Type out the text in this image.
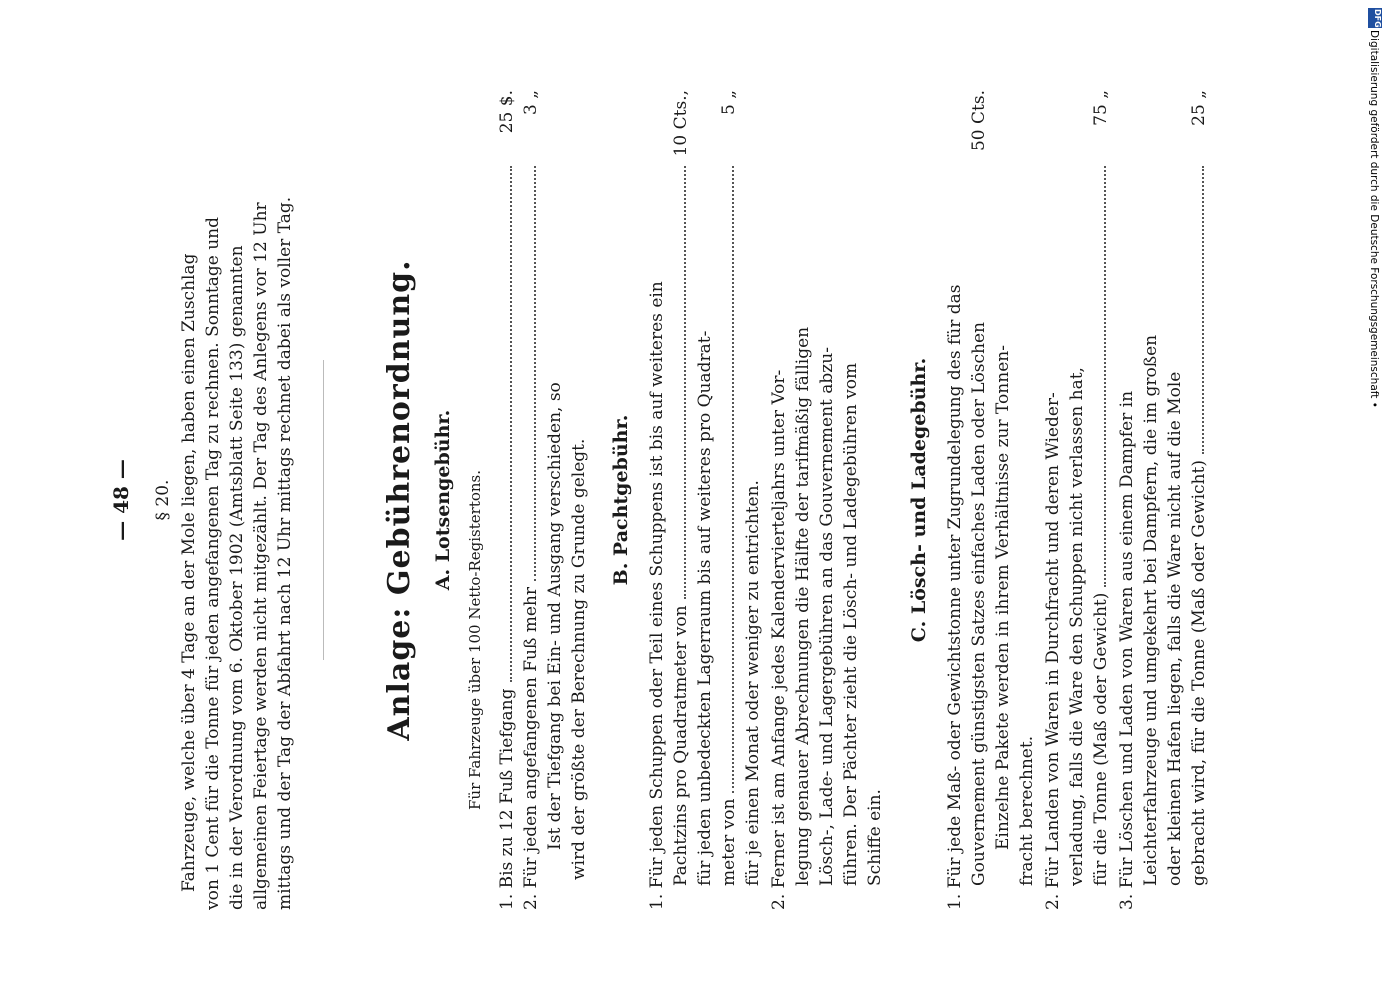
— 48 — § 20. Fahrzeuge, welche über 4 Tage an der Mole liegen, haben einen Zuschlag von 1 Cent für die Tonne für jeden angefangenen Tag zu rechnen. Sonntage und die in der Verordnung vom 6. Oktober 1902 (Amtsblatt Seite 133) genannten allgemeinen Feiertage werden nicht mitgezählt. Der Tag des Anlegens vor 12 Uhr mittags und der Tag der Abfahrt nach 12 Uhr mittags rechnet dabei als voller Tag.	Anlage: Gebührenordnung. A. Lotsengebühr. Für Fahrzeuge über 100 Netto-Registertons. 1. Bis zu 12 Fuß Tiefgang
25 $.
2. Für jeden angefangenen Fuß mehr
3 „
Ist der Tiefgang bei Ein- und Ausgang verschieden, so wird der größte der Berechnung zu Grunde gelegt. B. Pachtgebühr. 1. Für jeden Schuppen oder Teil eines Schuppens ist bis auf weiteres ein Pachtzins pro Quadratmeter von
10 Cts.,
für jeden unbedeckten Lagerraum bis auf weiteres pro Quadrat- meter von
5 „
für je einen Monat oder weniger zu entrichten. 2. Ferner ist am Anfange jedes Kalendervierteljahrs unter Vor- legung genauer Abrechnungen die Hälfte der tarifmäßig fälligen Lösch-, Lade- und Lagergebühren an das Gouvernement abzu- führen. Der Pächter zieht die Lösch- und Ladegebühren vom Schiffe ein.
C. Lösch- und Ladegebühr. 1. Für jede Maß- oder Gewichtstonne unter Zugrundelegung des für das Gouvernement günstigsten Satzes einfaches Laden oder Löschen
50 Cts.
Einzelne Pakete werden in ihrem Verhältnisse zur Tonnen- fracht berechnet. 2. Für Landen von Waren in Durchfracht und deren Wieder- verladung, falls die Ware den Schuppen nicht verlassen hat, für die Tonne (Maß oder Gewicht)
75 „
3. Für Löschen und Laden von Waren aus einem Dampfer in Leichterfahrzeuge und umgekehrt bei Dampfern, die im großen oder kleinen Hafen liegen, falls die Ware nicht auf die Mole gebracht wird, für die Tonne (Maß oder Gewicht)
25 „
DFG
Digitalisierung gefördert durch die Deutsche Forschungsgemeinschaft •
